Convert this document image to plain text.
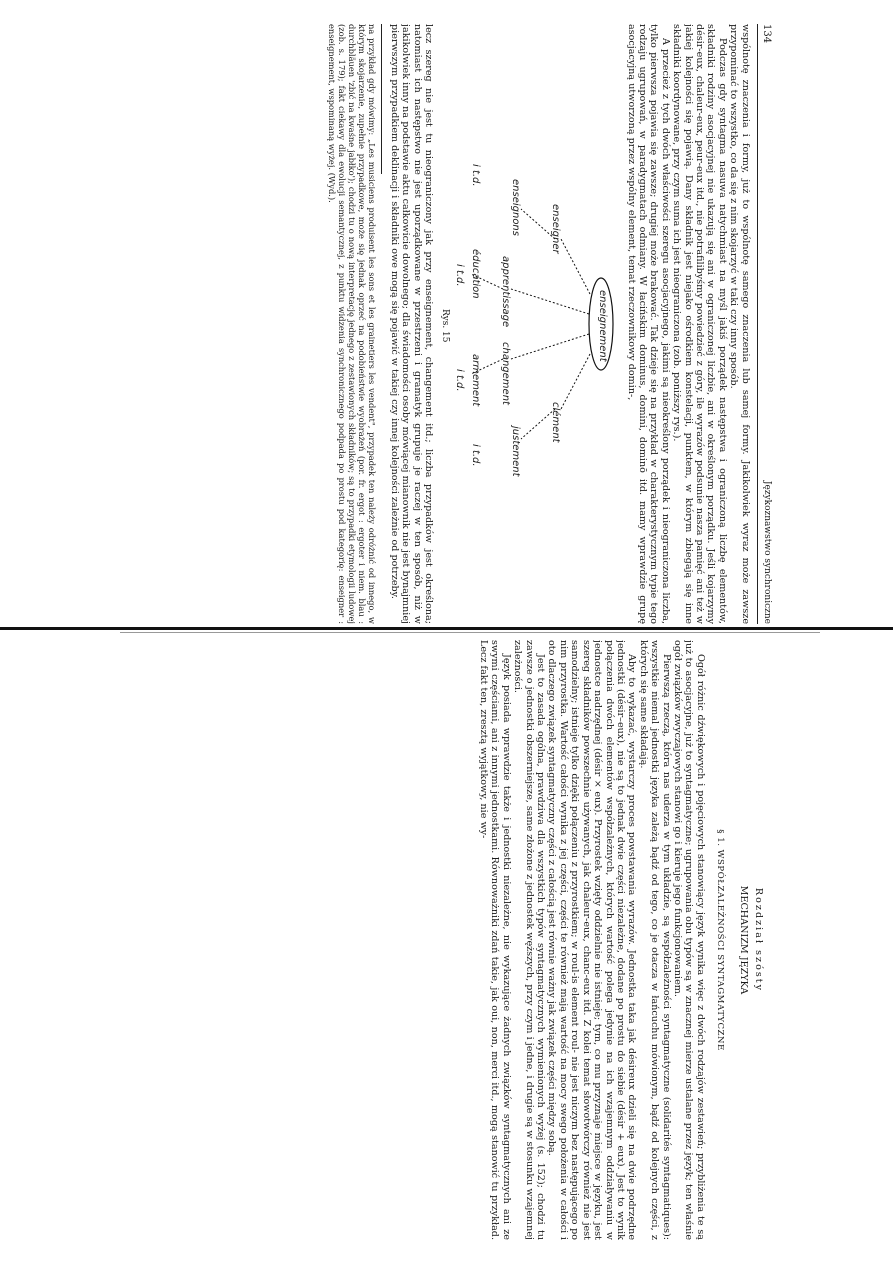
134
Językoznawstwo synchroniczne

wspólnotę znaczenia i formy, już to wspólnotę samego znaczenia lub samej formy. Jakikolwiek wyraz może zawsze przypominać to wszystko, co da się z nim skojarzyć w taki czy inny sposób.

Podczas gdy syntagma nasuwa natychmiast na myśl jakiś porządek następstwa i ograniczoną liczbę elementów, składniki rodziny asocjacyjnej nie ukazują się ani w ograniczonej liczbie, ani w określonym porządku. Jeśli kojarzymy désir-eux, chaleur-eux, peur-eux itd., nie potrafilibyśmy powiedzieć z góry, ile wyrazów podsunie nasza pamięć ani też w jakiej kolejności się pojawią. Dany składnik jest niejako ośrodkiem konstelacji, punktem, w którym zbiegają się inne składniki koordynowane, przy czym suma ich jest nieograniczona (zob. poniższy rys.).

A przecież z tych dwóch właściwości szeregu asocjacyjnego, jakimi są nieokreślony porządek i nieograniczona liczba, tylko pierwsza pojawia się zawsze; drugiej może brakować. Tak dzieje się na przykład w charakterystycznym typie tego rodzaju ugrupowań, w paradygmatach odmiany. W łacińskim dominus, domini, dominō itd. mamy wprawdzie grupę asocjacyjną utworzoną przez wspólny element, temat rzeczownikowy domin-,

enseignement
enseigner
enseignons
i t.d.
apprentissage
éducation
i t.d.
changement
armement
i t.d.
clément
justement
i t.d.
Rys. 15

lecz szereg nie jest tu nieograniczony jak przy enseignement, changement itd.; liczba przypadków jest określona; natomiast ich następstwo nie jest uporządkowane w przestrzeni i gramatyk grupuje je raczej w ten sposób, niż w jakikolwiek inny na podstawie aktu całkowicie dowolnego; dla świadomości osoby mówiącej mianownik nie jest bynajmniej pierwszym przypadkiem deklinacji i składniki owe mogą się pojawić w takiej czy innej kolejności zależnie od potrzeby.

na przykład gdy mówimy: „Les musiciens produisent les sons et les grainetiers les vendent", przypadek ten należy odróżnić od innego, w którym skojarzenie, zupełnie przypadkowe, może się jednak oprzeć na podobieństwie wyobrażeń (por. fr. ergot : ergoter i niem. blau : durchbläuen 'zbić na kwaśne jabłko'); chodzi tu o nową interpretację jednego z zestawionych składników; są to przypadki etymologii ludowej (zob. s. 179); fakt ciekawy dla ewolucji semantycznej, z punktu widzenia synchronicznego podpada po prostu pod kategorię: enseigner : enseignement, wspominaną wyżej. (Wyd.).

Rozdział szósty
MECHANIZM JĘZYKA
§ 1. WSPÓŁZALEŻNOŚCI SYNTAGMATYCZNE

Ogół różnic dźwiękowych i pojęciowych stanowiący język wynika więc z dwóch rodzajów zestawień; przybliżenia te są już to asocjacyjne, już to syntagmatyczne; ugrupowania obu typów są w znacznej mierze ustalane przez język; ten właśnie ogół związków zwyczajowych stanowi go i kieruje jego funkcjonowaniem.

Pierwszą rzeczą, która nas uderza w tym układzie, są współzależności syntagmatyczne (solidarités syntagmatiques): wszystkie niemal jednostki języka zależą bądź od tego, co je otacza w łańcuchu mówionym, bądź od kolejnych części, z których się same składają.

Aby to wykazać, wystarczy proces powstawania wyrazów. Jednostka taka jak désireux dzieli się na dwie podrzędne jednostki (désir–eux), nie są to jednak dwie części niezależne, dodane po prostu do siebie (désir + eux). Jest to wynik połączenia dwóch elementów współzależnych, których wartość polega jedynie na ich wzajemnym oddziaływaniu w jednostce nadrzędnej (désir × eux). Przyrostek wzięty oddzielnie nie istnieje; tym, co mu przyznaje miejsce w języku, jest szereg składników powszechnie używanych, jak chaleur-eux, chanc-eux itd. Z kolei temat słowotwórczy również nie jest samodzielny; istnieje tylko dzięki połączeniu z przyrostkiem; w roul-is element roul- nie jest niczym bez następującego po nim przyrostka. Wartość całości wynika z jej części, części te również mają wartość na mocy swego położenia w całości i oto dlaczego związek syntagmatyczny części z całością jest równie ważny jak związek części między sobą.

Jest to zasada ogólna, prawdziwa dla wszystkich typów syntagmatycznych wymienionych wyżej (s. 152); chodzi tu zawsze o jednostki obszerniejsze, same złożone z jednostek węższych, przy czym i jedne, i drugie są w stosunku wzajemnej zależności.

Język posiada wprawdzie także i jednostki niezależne, nie wykazujące żadnych związków syntagmatycznych ani ze swymi częściami, ani z innymi jednostkami. Równoważniki zdań takie, jak oui, non, merci itd., mogą stanowić tu przykład. Lecz fakt ten, zresztą wyjątkowy, nie wy-
